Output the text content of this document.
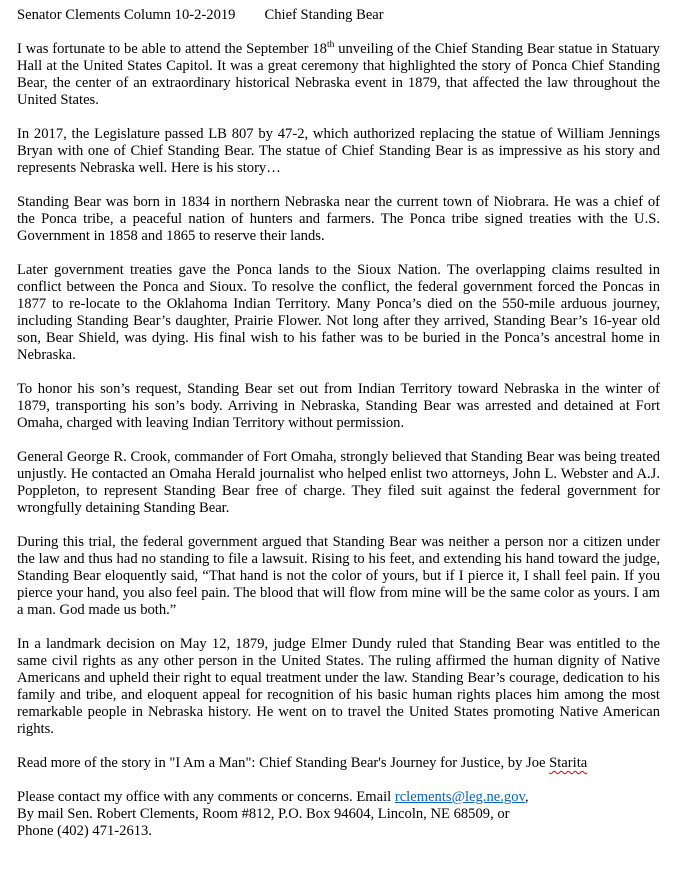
Senator Clements Column 10-2-2019 Chief Standing Bear

I was fortunate to be able to attend the September 18th unveiling of the Chief Standing Bear statue in Statuary Hall at the United States Capitol. It was a great ceremony that highlighted the story of Ponca Chief Standing Bear, the center of an extraordinary historical Nebraska event in 1879, that affected the law throughout the United States.

In 2017, the Legislature passed LB 807 by 47-2, which authorized replacing the statue of William Jennings Bryan with one of Chief Standing Bear. The statue of Chief Standing Bear is as impressive as his story and represents Nebraska well. Here is his story…

Standing Bear was born in 1834 in northern Nebraska near the current town of Niobrara. He was a chief of the Ponca tribe, a peaceful nation of hunters and farmers. The Ponca tribe signed treaties with the U.S. Government in 1858 and 1865 to reserve their lands.

Later government treaties gave the Ponca lands to the Sioux Nation. The overlapping claims resulted in conflict between the Ponca and Sioux. To resolve the conflict, the federal government forced the Poncas in 1877 to re-locate to the Oklahoma Indian Territory. Many Ponca’s died on the 550-mile arduous journey, including Standing Bear’s daughter, Prairie Flower. Not long after they arrived, Standing Bear’s 16-year old son, Bear Shield, was dying. His final wish to his father was to be buried in the Ponca’s ancestral home in Nebraska.

To honor his son’s request, Standing Bear set out from Indian Territory toward Nebraska in the winter of 1879, transporting his son’s body. Arriving in Nebraska, Standing Bear was arrested and detained at Fort Omaha, charged with leaving Indian Territory without permission.

General George R. Crook, commander of Fort Omaha, strongly believed that Standing Bear was being treated unjustly. He contacted an Omaha Herald journalist who helped enlist two attorneys, John L. Webster and A.J. Poppleton, to represent Standing Bear free of charge. They filed suit against the federal government for wrongfully detaining Standing Bear.

During this trial, the federal government argued that Standing Bear was neither a person nor a citizen under the law and thus had no standing to file a lawsuit. Rising to his feet, and extending his hand toward the judge, Standing Bear eloquently said, “That hand is not the color of yours, but if I pierce it, I shall feel pain. If you pierce your hand, you also feel pain. The blood that will flow from mine will be the same color as yours. I am a man. God made us both.”

In a landmark decision on May 12, 1879, judge Elmer Dundy ruled that Standing Bear was entitled to the same civil rights as any other person in the United States. The ruling affirmed the human dignity of Native Americans and upheld their right to equal treatment under the law. Standing Bear’s courage, dedication to his family and tribe, and eloquent appeal for recognition of his basic human rights places him among the most remarkable people in Nebraska history. He went on to travel the United States promoting Native American rights.

Read more of the story in "I Am a Man": Chief Standing Bear's Journey for Justice, by Joe Starita

Please contact my office with any comments or concerns. Email rclements@leg.ne.gov,
By mail Sen. Robert Clements, Room #812, P.O. Box 94604, Lincoln, NE 68509, or
Phone (402) 471-2613.
